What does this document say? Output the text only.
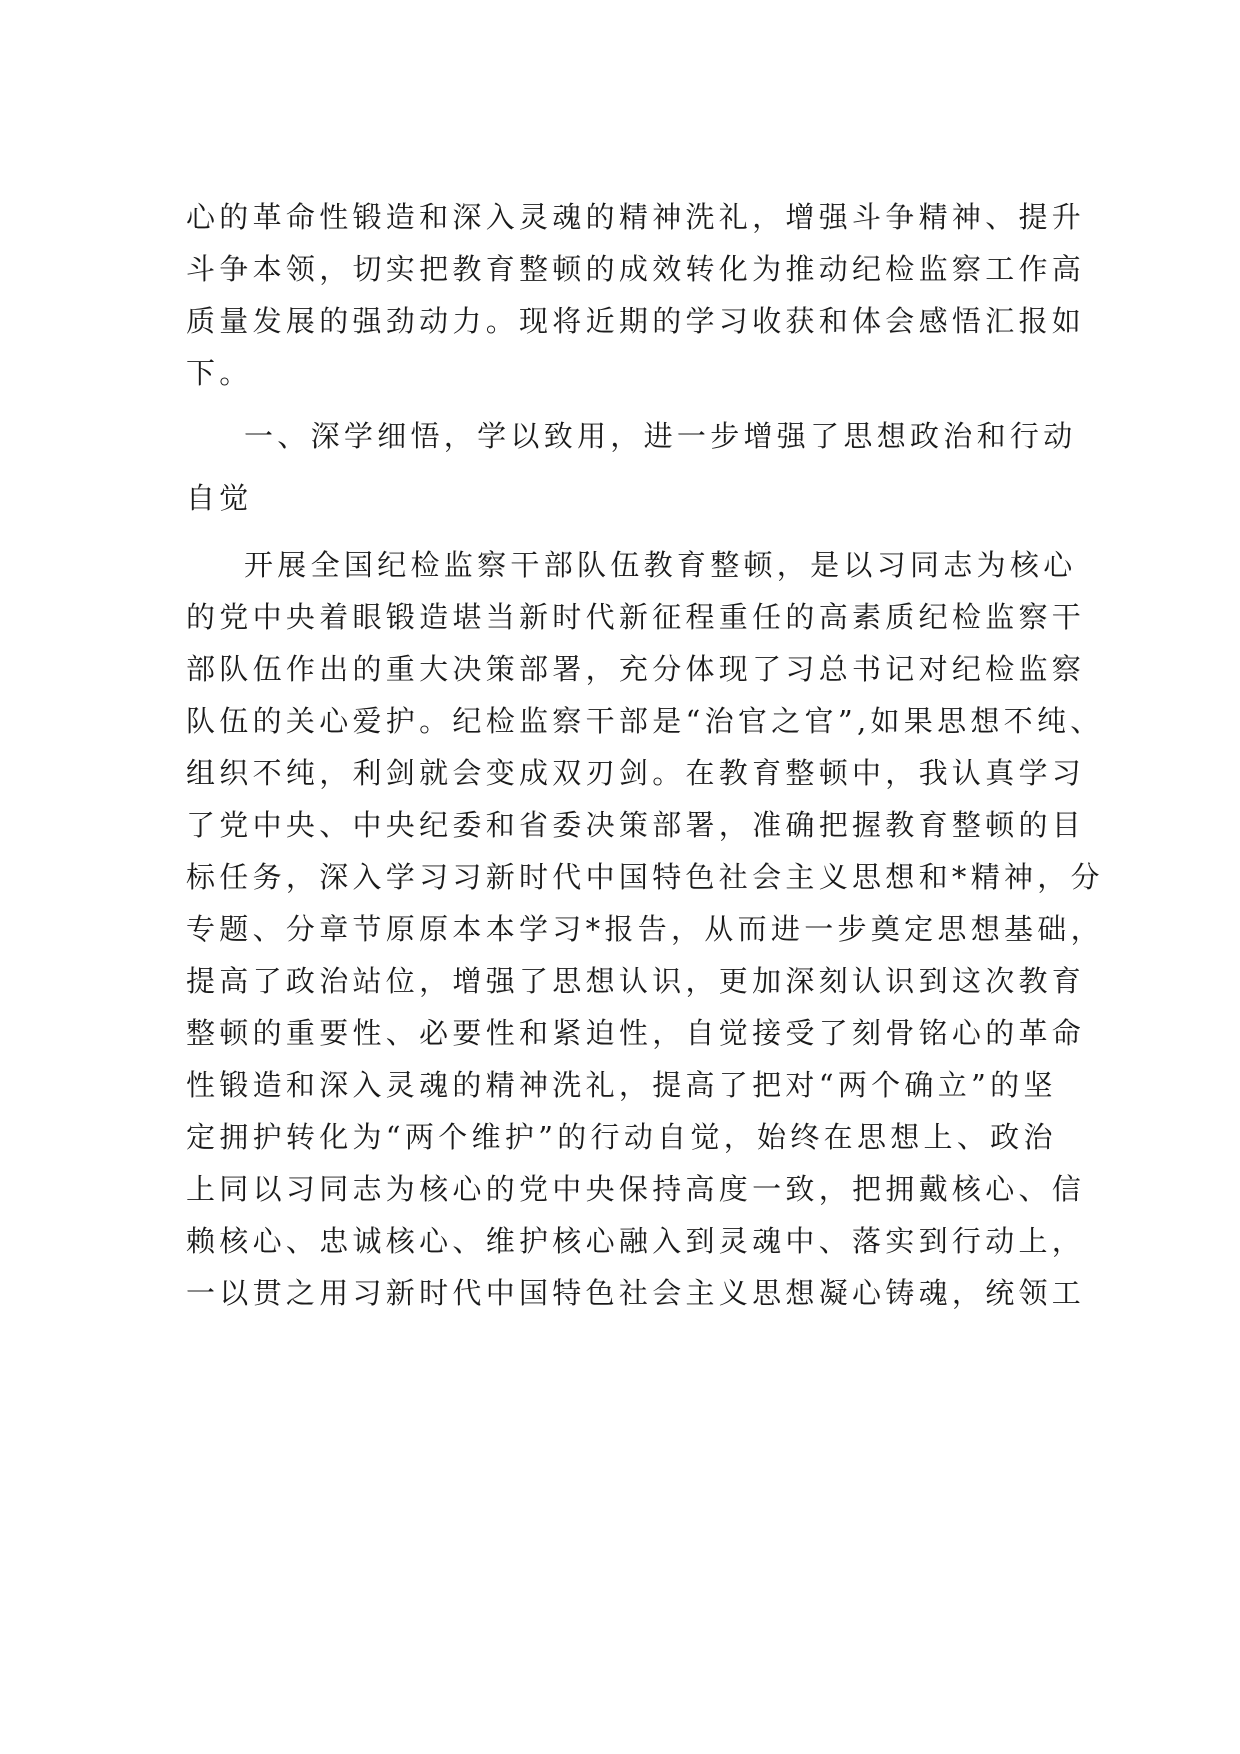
心的革命性锻造和深入灵魂的精神洗礼，增强斗争精神、提升
斗争本领，切实把教育整顿的成效转化为推动纪检监察工作高
质量发展的强劲动力。现将近期的学习收获和体会感悟汇报如
下。
一、深学细悟，学以致用，进一步增强了思想政治和行动
自觉
开展全国纪检监察干部队伍教育整顿，是以习同志为核心
的党中央着眼锻造堪当新时代新征程重任的高素质纪检监察干
部队伍作出的重大决策部署，充分体现了习总书记对纪检监察
队伍的关心爱护。纪检监察干部是“治官之官”,如果思想不纯、
组织不纯，利剑就会变成双刃剑。在教育整顿中，我认真学习
了党中央、中央纪委和省委决策部署，准确把握教育整顿的目
标任务，深入学习习新时代中国特色社会主义思想和*精神，分
专题、分章节原原本本学习*报告，从而进一步奠定思想基础，
提高了政治站位，增强了思想认识，更加深刻认识到这次教育
整顿的重要性、必要性和紧迫性，自觉接受了刻骨铭心的革命
性锻造和深入灵魂的精神洗礼，提高了把对“两个确立”的坚
定拥护转化为“两个维护”的行动自觉，始终在思想上、政治
上同以习同志为核心的党中央保持高度一致，把拥戴核心、信
赖核心、忠诚核心、维护核心融入到灵魂中、落实到行动上，
一以贯之用习新时代中国特色社会主义思想凝心铸魂，统领工
